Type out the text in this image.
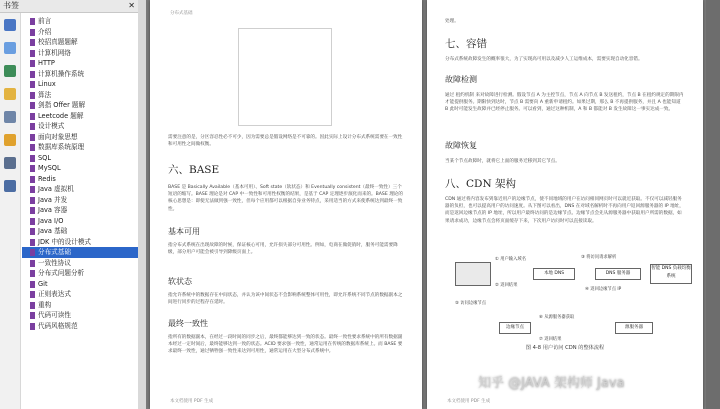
书签	✕
前言
介绍
校招真题题解
计算机网络
HTTP
计算机操作系统
Linux
算法
剑指 Offer 题解
Leetcode 题解
设计模式
面向对象思想
数据库系统原理
SQL
MySQL
Redis
Java 虚拟机
Java 并发
Java 容器
Java I/O
Java 基础
JDK 中的设计模式
分布式基础
一致性协议
分布式问题分析
Git
正则表达式
重构
代码可读性
代码风格规范
分布式基础
需要注意的是，分区容忍性必不可少，因为需要总是假设网络是不可靠的。因此实际上设计分布式系统需要在一致性和可用性之间做权衡。
六、BASE
BASE 是 Basically Available（基本可用）、Soft state（软状态）和 Eventually consistent（最终一致性）三个短语的缩写。BASE 理论是对 CAP 中一致性和可用性权衡的结果，是基于 CAP 定理逐步演化而来的。BASE 理论的核心思想是：即使无法做到强一致性，但每个应用都可以根据自身业务特点，采用适当的方式来使系统达到最终一致性。
基本可用
指分布式系统在出现故障的时候，保证核心可用，允许损失部分可用性。例如，电商在做促销时，服务可能需要降级，部分用户可能会被引导到降级页面上。
软状态
指允许系统中的数据存在中间状态，并认为该中间状态不会影响系统整体可用性，即允许系统不同节点的数据副本之间进行同步的过程存在延时。
最终一致性
指所有的数据副本，在经过一段时间的同步之后，最终都能够达到一致的状态。最终一致性要求系统中的所有数据副本经过一定时间后，最终能够达到一致的状态。ACID 要求强一致性，通常运用在传统的数据库系统上。而 BASE 要求最终一致性，通过牺牲强一致性来达到可用性，通常运用在大型分布式系统中。
本文档使用 PDF 生成
处理。
七、容错
分布式系统故障发生的概率很大，为了实现高可用以及减少人工运维成本，需要实现自动化容错。
故障检测
通过 租约机制 来对故障进行检测。假设节点 A 为主控节点，节点 A 向节点 B 发送租约，节点 B 在租约规定的期限内才能提供服务。期限快到达时，节点 B 需要向 A 重新申请租约。如果过期，那么 B 不再提供服务，并且 A 也能知道 B 此时可能发生故障并已经停止服务。可以看到，通过这种机制，A 和 B 都能对 B 发生故障这一事实达成一致。
故障恢复
当某个节点故障时，就将它上面的服务迁移到其它节点。
八、CDN 架构
CDN 通过将内容发布到靠近用户的边缘节点，使不同地域的用户在访问相同网页时可以就近获取。不仅可以减轻服务器的负担，也可以提高用户的访问速度。从下图可以看出，DNS 在对域名解析时不再向用户返回源服务器的 IP 地址，而是返回边缘节点的 IP 地址，所以用户最终访问的是边缘节点。边缘节点会先从源服务器中获取用户所需的数据，如果请求成功，边缘节点会将页面缓存下来，下次用户访问时可以直接读取。
本地 DNS	DNS 服务器
智能 DNS 负载均衡系统
边缘节点	源服务器
① 用户输入域名
② 返回结果
③ 将访问请求解析
④ 返回边缘节点 IP
⑤ 访问边缘节点
⑥ 从源服务器获取
⑦ 返回结果
图 4-8 用户访问 CDN 的整体流程
本文档使用 PDF 生成
知乎 @JAVA 架构师 Java
